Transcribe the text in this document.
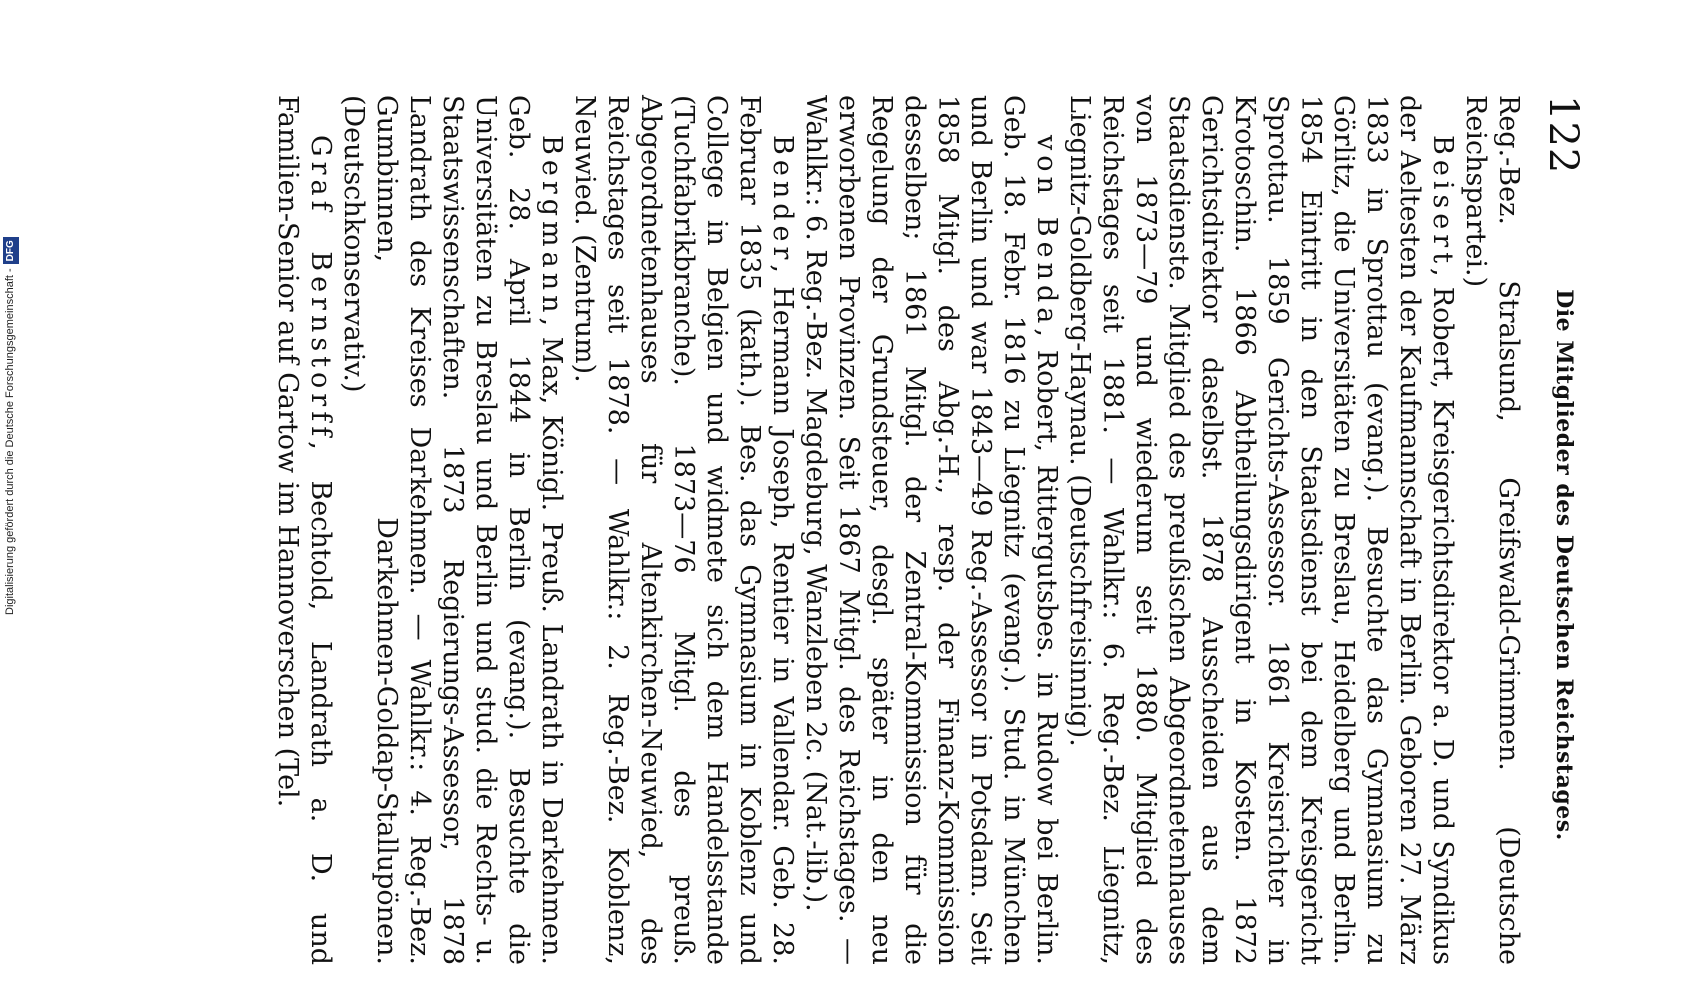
122
Die Mitglieder des Deutschen Reichstages.

Reg.-Bez. Stralsund, Greifswald-Grimmen. (Deutsche Reichspartei.)

Beisert, Robert, Kreisgerichtsdirektor a. D. und Syndikus der Aeltesten der Kaufmannschaft in Berlin. Geboren 27. März 1833 in Sprottau (evang.). Besuchte das Gymnasium zu Görlitz, die Universitäten zu Breslau, Heidelberg und Berlin. 1854 Eintritt in den Staatsdienst bei dem Kreisgericht Sprottau. 1859 Gerichts-Assessor. 1861 Kreisrichter in Krotoschin. 1866 Abtheilungsdirigent in Kosten. 1872 Gerichtsdirektor daselbst. 1878 Ausscheiden aus dem Staatsdienste. Mitglied des preußischen Abgeordnetenhauses von 1873—79 und wiederum seit 1880. Mitglied des Reichstages seit 1881. — Wahlkr.: 6. Reg.-Bez. Liegnitz, Liegnitz-Goldberg-Haynau. (Deutschfreisinnig).

von Benda, Robert, Rittergutsbes. in Rudow bei Berlin. Geb. 18. Febr. 1816 zu Liegnitz (evang.). Stud. in München und Berlin und war 1843—49 Reg.-Assessor in Potsdam. Seit 1858 Mitgl. des Abg.-H., resp. der Finanz-Kommission desselben; 1861 Mitgl. der Zentral-Kommission für die Regelung der Grundsteuer, desgl. später in den neu erworbenen Provinzen. Seit 1867 Mitgl. des Reichstages. — Wahlkr.: 6. Reg.-Bez. Magdeburg, Wanzleben 2c. (Nat.-lib.).

Bender, Hermann Joseph, Rentier in Vallendar. Geb. 28. Februar 1835 (kath.). Bes. das Gymnasium in Koblenz und College in Belgien und widmete sich dem Handelsstande (Tuchfabrikbranche). 1873—76 Mitgl. des preuß. Abgeordnetenhauses für Altenkirchen-Neuwied, des Reichstages seit 1878. — Wahlkr.: 2. Reg.-Bez. Koblenz, Neuwied. (Zentrum).

Bergmann, Max, Königl. Preuß. Landrath in Darkehmen. Geb. 28. April 1844 in Berlin (evang.). Besuchte die Universitäten zu Breslau und Berlin und stud. die Rechts- u. Staatswissenschaften. 1873 Regierungs-Assessor, 1878 Landrath des Kreises Darkehmen. — Wahlkr.: 4. Reg.-Bez. Gumbinnen, Darkehmen-Goldap-Stallupönen. (Deutschkonservativ.)

Graf Bernstorff, Bechtold, Landrath a. D. und Familien-Senior auf Gartow im Hannoverschen (Tel.

Digitalisierung gefördert durch die Deutsche Forschungsgemeinschaft -DFG
